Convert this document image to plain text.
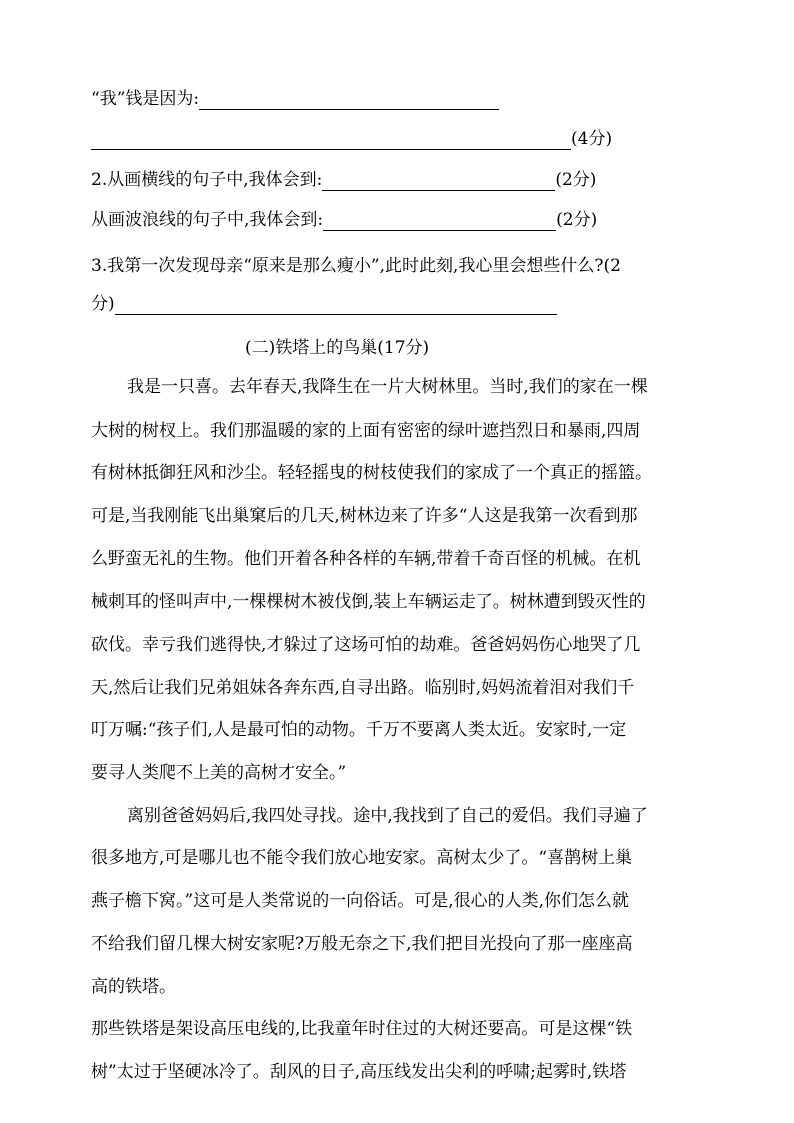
“我”钱是因为:
(4分)
2.从画横线的句子中,我体会到:	(2分)
从画波浪线的句子中,我体会到:	(2分)
3.我第一次发现母亲“原来是那么瘦小”,此时此刻,我心里会想些什么?(2
分)
(二)铁塔上的鸟巢(17分)
我是一只喜。去年春天,我降生在一片大树林里。当时,我们的家在一棵
大树的树杈上。我们那温暖的家的上面有密密的绿叶遮挡烈日和暴雨,四周
有树林抵御狂风和沙尘。轻轻摇曳的树枝使我们的家成了一个真正的摇篮。
可是,当我刚能飞出巢窠后的几天,树林边来了许多“人这是我第一次看到那
么野蛮无礼的生物。他们开着各种各样的车辆,带着千奇百怪的机械。在机
械刺耳的怪叫声中,一棵棵树木被伐倒,装上车辆运走了。树林遭到毁灭性的
砍伐。幸亏我们逃得快,才躲过了这场可怕的劫难。爸爸妈妈伤心地哭了几
天,然后让我们兄弟姐妹各奔东西,自寻出路。临别时,妈妈流着泪对我们千
叮万嘱:“孩子们,人是最可怕的动物。千万不要离人类太近。安家时,一定
要寻人类爬不上美的高树才安全。”
离别爸爸妈妈后,我四处寻找。途中,我找到了自己的爱侣。我们寻遍了
很多地方,可是哪儿也不能令我们放心地安家。高树太少了。“喜鹊树上巢
燕子檐下窝。”这可是人类常说的一向俗话。可是,很心的人类,你们怎么就
不给我们留几棵大树安家呢?万般无奈之下,我们把目光投向了那一座座高
高的铁塔。
那些铁塔是架设高压电线的,比我童年时住过的大树还要高。可是这棵“铁
树”太过于坚硬冰冷了。刮风的日子,高压线发出尖利的呼啸;起雾时,铁塔
